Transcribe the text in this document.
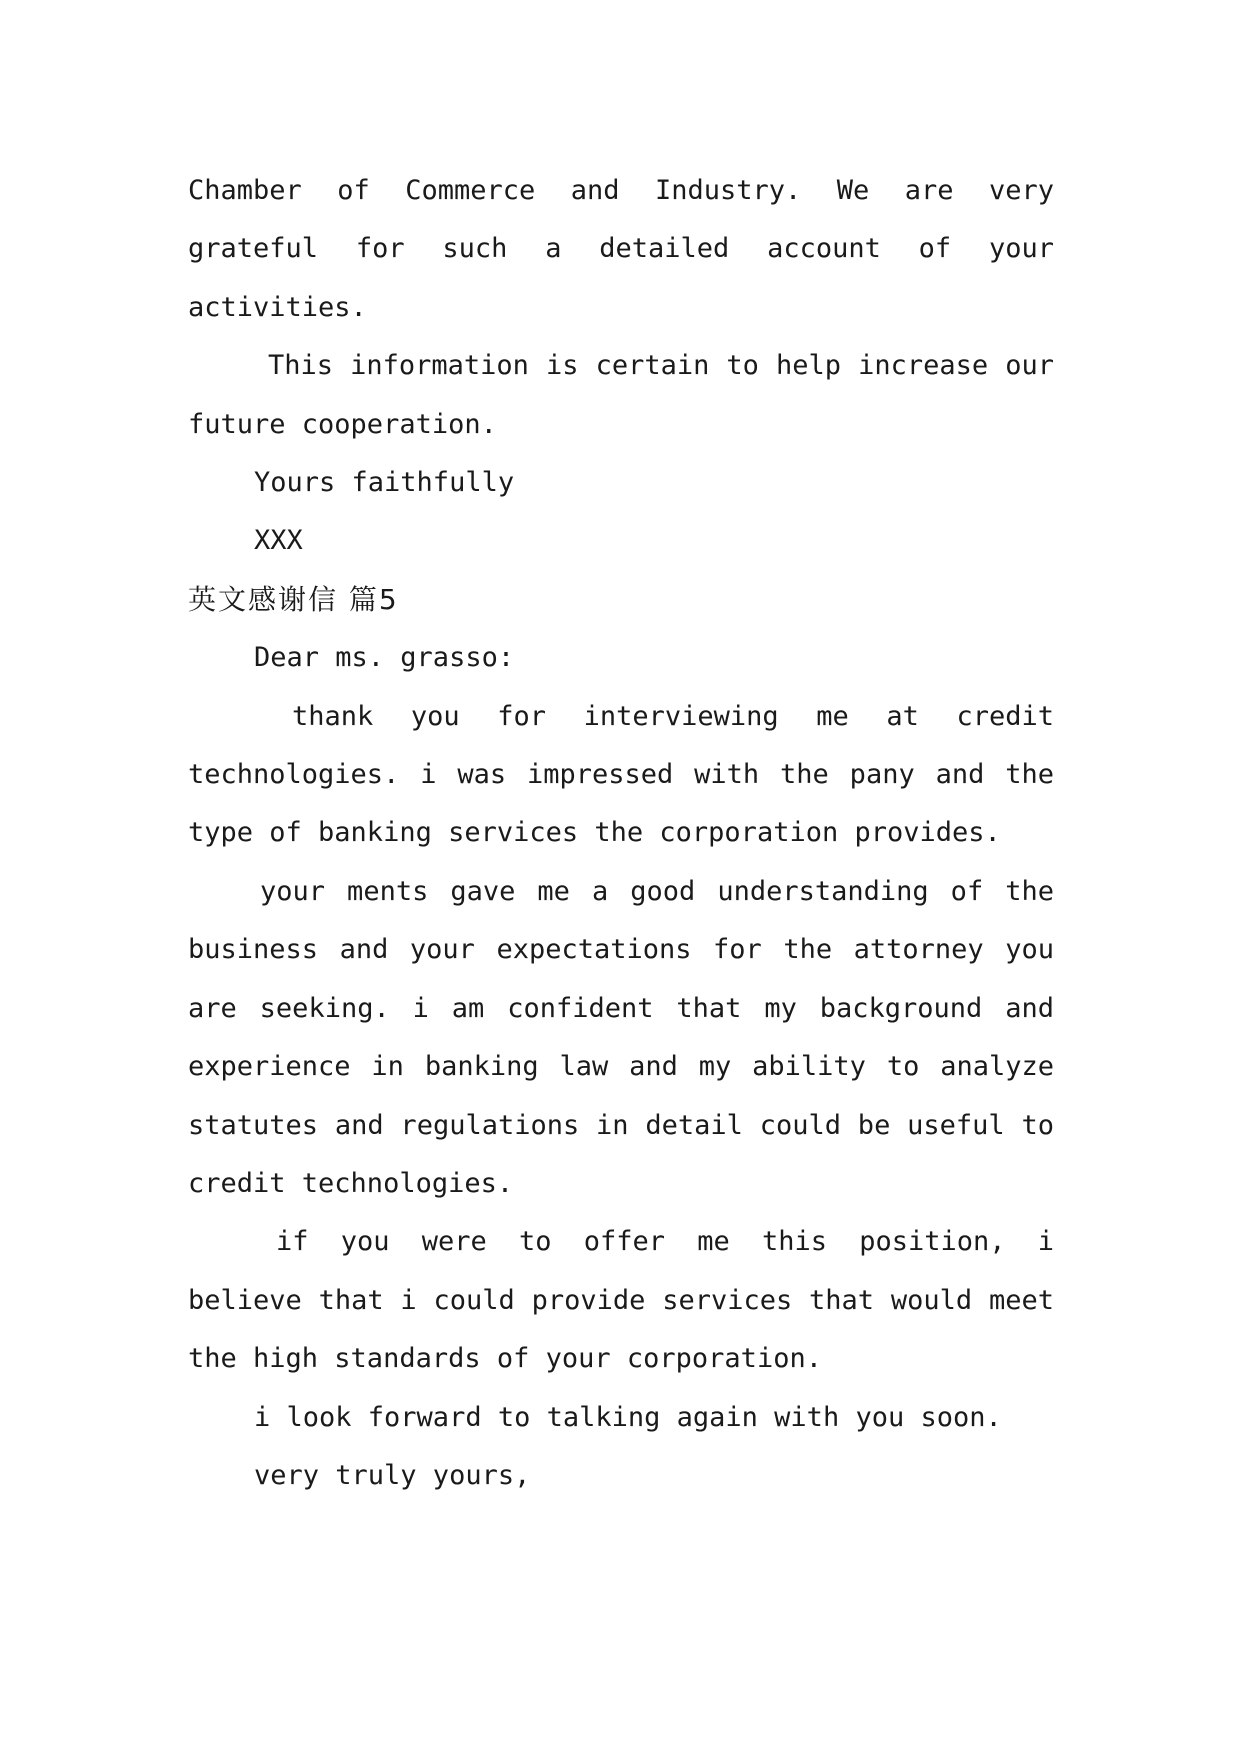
Chamber of Commerce and Industry. We are very grateful for such a detailed account of your activities.

This information is certain to help increase our future cooperation.

Yours faithfully

XXX

英文感谢信 篇5

Dear ms. grasso:

thank you for interviewing me at credit technologies. i was impressed with the pany and the type of banking services the corporation provides.

your ments gave me a good understanding of the business and your expectations for the attorney you are seeking. i am confident that my background and experience in banking law and my ability to analyze statutes and regulations in detail could be useful to credit technologies.

if you were to offer me this position, i believe that i could provide services that would meet the high standards of your corporation.

i look forward to talking again with you soon.

very truly yours,
